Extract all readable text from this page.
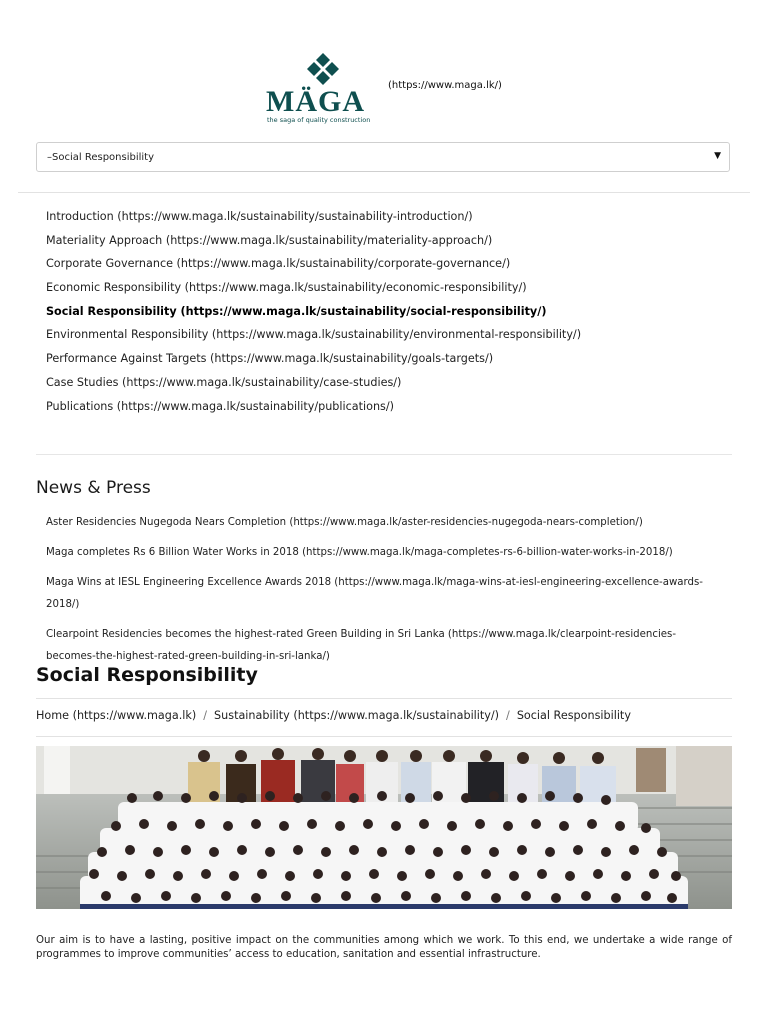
MÄGA
the saga of quality construction
(https://www.maga.lk/)
–Social Responsibility	▼
Introduction (https://www.maga.lk/sustainability/sustainability-introduction/)
Materiality Approach (https://www.maga.lk/sustainability/materiality-approach/)
Corporate Governance (https://www.maga.lk/sustainability/corporate-governance/)
Economic Responsibility (https://www.maga.lk/sustainability/economic-responsibility/)
Social Responsibility (https://www.maga.lk/sustainability/social-responsibility/)
Environmental Responsibility (https://www.maga.lk/sustainability/environmental-responsibility/)
Performance Against Targets (https://www.maga.lk/sustainability/goals-targets/)
Case Studies (https://www.maga.lk/sustainability/case-studies/)
Publications (https://www.maga.lk/sustainability/publications/)
News & Press
Aster Residencies Nugegoda Nears Completion (https://www.maga.lk/aster-residencies-nugegoda-nears-completion/)
Maga completes Rs 6 Billion Water Works in 2018 (https://www.maga.lk/maga-completes-rs-6-billion-water-works-in-2018/)
Maga Wins at IESL Engineering Excellence Awards 2018 (https://www.maga.lk/maga-wins-at-iesl-engineering-excellence-awards-2018/)
Clearpoint Residencies becomes the highest-rated Green Building in Sri Lanka (https://www.maga.lk/clearpoint-residencies-becomes-the-highest-rated-green-building-in-sri-lanka/)
Social Responsibility
Home (https://www.maga.lk) / Sustainability (https://www.maga.lk/sustainability/) / Social Responsibility

Our aim is to have a lasting, positive impact on the communities among which we work. To this end, we undertake a wide range of programmes to improve communities’ access to education, sanitation and essential infrastructure.
